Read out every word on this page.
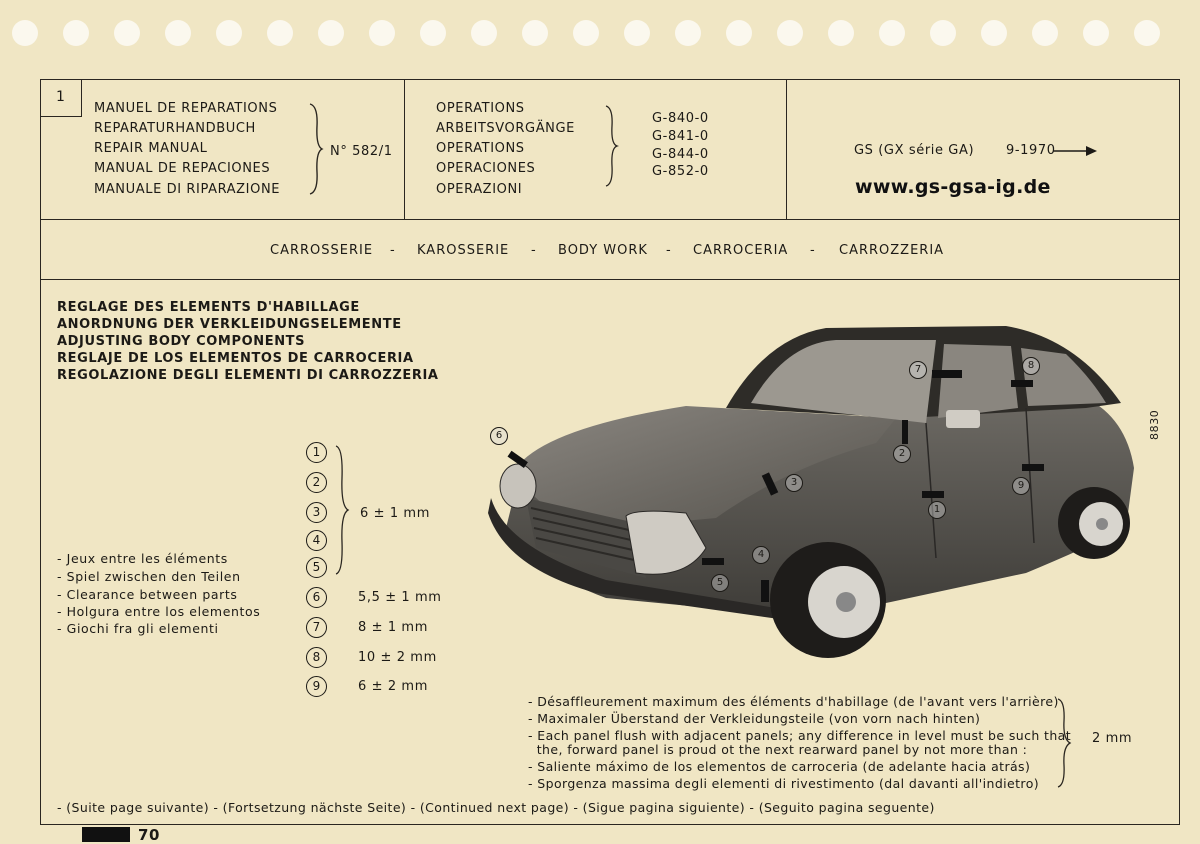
1
MANUEL DE REPARATIONS
REPARATURHANDBUCH
REPAIR MANUAL
MANUAL DE REPACIONES
MANUALE DI RIPARAZIONE
N° 582/1
OPERATIONS
ARBEITSVORGÄNGE
OPERATIONS
OPERACIONES
OPERAZIONI
G-840-0
G-841-0
G-844-0
G-852-0
GS (GX série GA) 9-1970
www.gs-gsa-ig.de
CARROSSERIE - KAROSSERIE - BODY WORK - CARROCERIA - CARROZZERIA
REGLAGE DES ELEMENTS D'HABILLAGE
ANORDNUNG DER VERKLEIDUNGSELEMENTE
ADJUSTING BODY COMPONENTS
REGLAJE DE LOS ELEMENTOS DE CARROCERIA
REGOLAZIONE DEGLI ELEMENTI DI CARROZZERIA
6
7	8
2
3
1
9
4
5
8830
1
2
3
4
5
6
7
8
9
6 ± 1 mm
5,5 ± 1 mm
8 ± 1 mm
10 ± 2 mm
6 ± 2 mm
- Jeux entre les éléments
- Spiel zwischen den Teilen
- Clearance between parts
- Holgura entre los elementos
- Giochi fra gli elementi
- Désaffleurement maximum des éléments d'habillage (de l'avant vers l'arrière)
- Maximaler Überstand der Verkleidungsteile (von vorn nach hinten)
- Each panel flush with adjacent panels; any difference in level must be such that
the, forward panel is proud ot the next rearward panel by not more than :
- Saliente máximo de los elementos de carroceria (de adelante hacia atrás)
- Sporgenza massima degli elementi di rivestimento (dal davanti all'indietro)
2 mm
- (Suite page suivante) - (Fortsetzung nächste Seite) - (Continued next page) - (Sigue pagina siguiente) - (Seguito pagina seguente)
70
